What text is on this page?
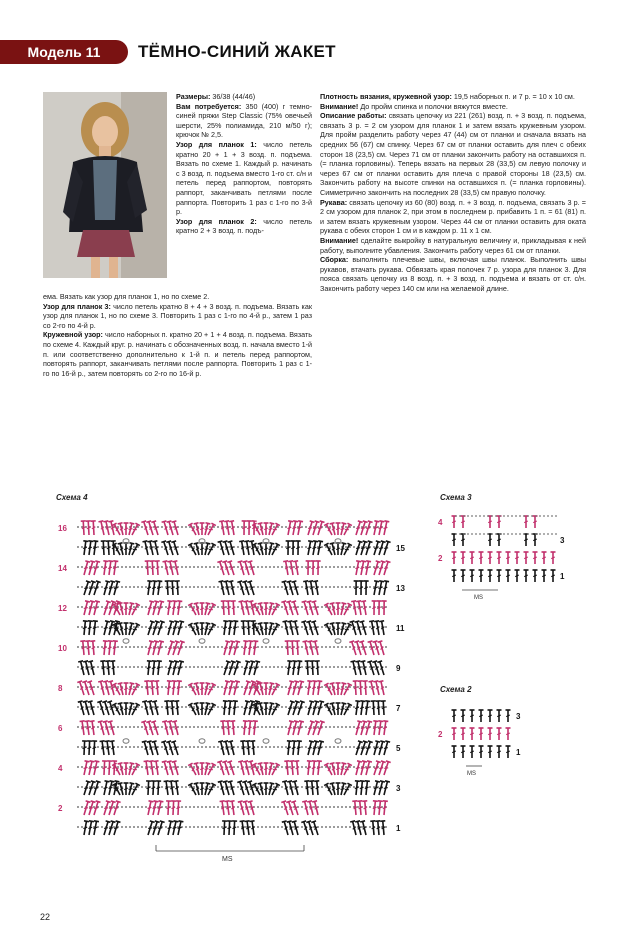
Модель 11	ТЁМНО-СИНИЙ ЖАКЕТ

Размеры: 36/38 (44/46)

Вам потребуется: 350 (400) г темно-синей пряжи Step Classic (75% овечьей шерсти, 25% полиамида, 210 м/50 г); крючок № 2,5.

Узор для планок 1: число петель кратно 20 + 1 + 3 возд. п. подъема. Вязать по схеме 1. Каждый р. начинать с 3 возд. п. подъема вместо 1-го ст. с/н и петель перед раппортом, повторять раппорт, заканчивать петлями после раппорта. Повторить 1 раз с 1-го по 3-й р.

Узор для планок 2: число петель кратно 2 + 3 возд. п. подъ-

ема. Вязать как узор для планок 1, но по схеме 2.

Узор для планок 3: число петель кратно 8 + 4 + 3 возд. п. подъема. Вязать как узор для планок 1, но по схеме 3. Повторить 1 раз с 1-го по 4-й р., затем 1 раз со 2-го по 4-й р.

Кружевной узор: число наборных п. кратно 20 + 1 + 4 возд. п. подъема. Вязать по схеме 4. Каждый круг. р. начинать с обозначенных возд. п. начала вместо 1-й п. или соответственно дополнительно к 1-й п. и петель перед раппортом, повторять раппорт, заканчивать петлями после раппорта. Повторить 1 раз с 1-го по 16-й р., затем повторять со 2-го по 16-й р.

Плотность вязания, кружевной узор: 19,5 наборных п. и 7 р. = 10 х 10 см.

Внимание! До пройм спинка и полочки вяжутся вместе.

Описание работы: связать цепочку из 221 (261) возд. п. + 3 возд. п. подъема, связать 3 р. = 2 см узором для планок 1 и затем вязать кружевным узором. Для пройм разделить работу через 47 (44) см от планки и сначала вязать на средних 56 (67) см спинку. Через 67 см от планки оставить для плеч с обеих сторон 18 (23,5) см. Через 71 см от планки закончить работу на оставшихся п. (= планка горловины). Теперь вязать на первых 28 (33,5) см левую полочку и через 67 см от планки оставить для плеча с правой стороны 18 (23,5) см. Закончить работу на высоте спинки на оставшихся п. (= планка горловины). Симметрично закончить на последних 28 (33,5) см правую полочку.

Рукава: связать цепочку из 60 (80) возд. п. + 3 возд. п. подъема, связать 3 р. = 2 см узором для планок 2, при этом в последнем р. прибавить 1 п. = 61 (81) п. и затем вязать кружевным узором. Через 44 см от планки оставить для оката рукава с обеих сторон 1 см и в каждом р. 11 х 1 см.

Внимание! сделайте выкройку в натуральную величину и, прикладывая к ней работу, выполните убавления. Закончить работу через 61 см от планки.

Сборка: выполнить плечевые швы, включая швы планок. Выполнить швы рукавов, втачать рукава. Обвязать края полочек 7 р. узора для планок 3. Для пояса связать цепочку из 8 возд. п. + 3 возд. п. подъема и вязать от ст. с/н. Закончить работу через 140 см или на желаемой длине.

Схема 4	Схема 3
Схема 2
16
14
12
10
8
6
4
2
15
13
11
9
7
5
3
1
MS
4
2
3
1
MS
2
3
1
MS
22
